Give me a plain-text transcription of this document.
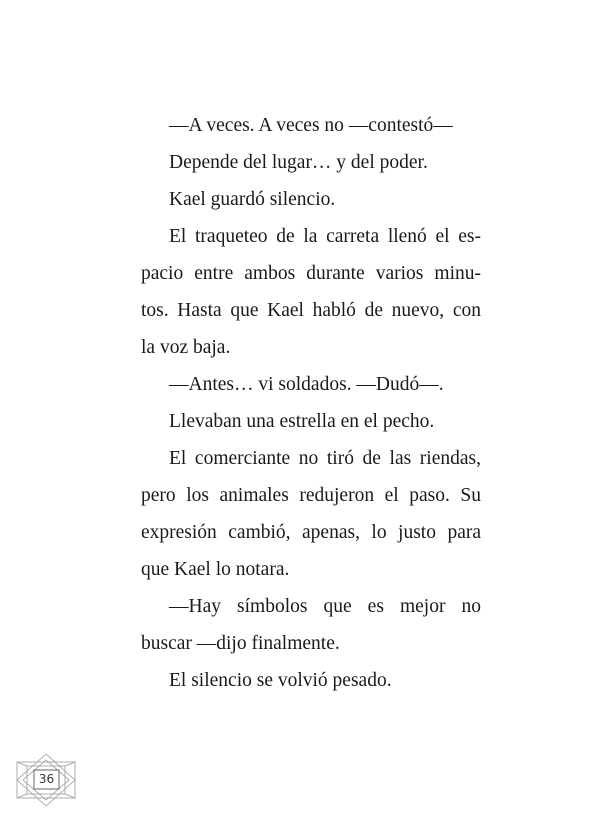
—A veces. A veces no —contestó—
Depende del lugar… y del poder.
Kael guardó silencio.
El traqueteo de la carreta llenó el es-
pacio entre ambos durante varios minu-
tos. Hasta que Kael habló de nuevo, con
la voz baja.
—Antes… vi soldados. —Dudó—.
Llevaban una estrella en el pecho.
El comerciante no tiró de las riendas,
pero los animales redujeron el paso. Su
expresión cambió, apenas, lo justo para
que Kael lo notara.
—Hay símbolos que es mejor no
buscar —dijo finalmente.
El silencio se volvió pesado.
36
